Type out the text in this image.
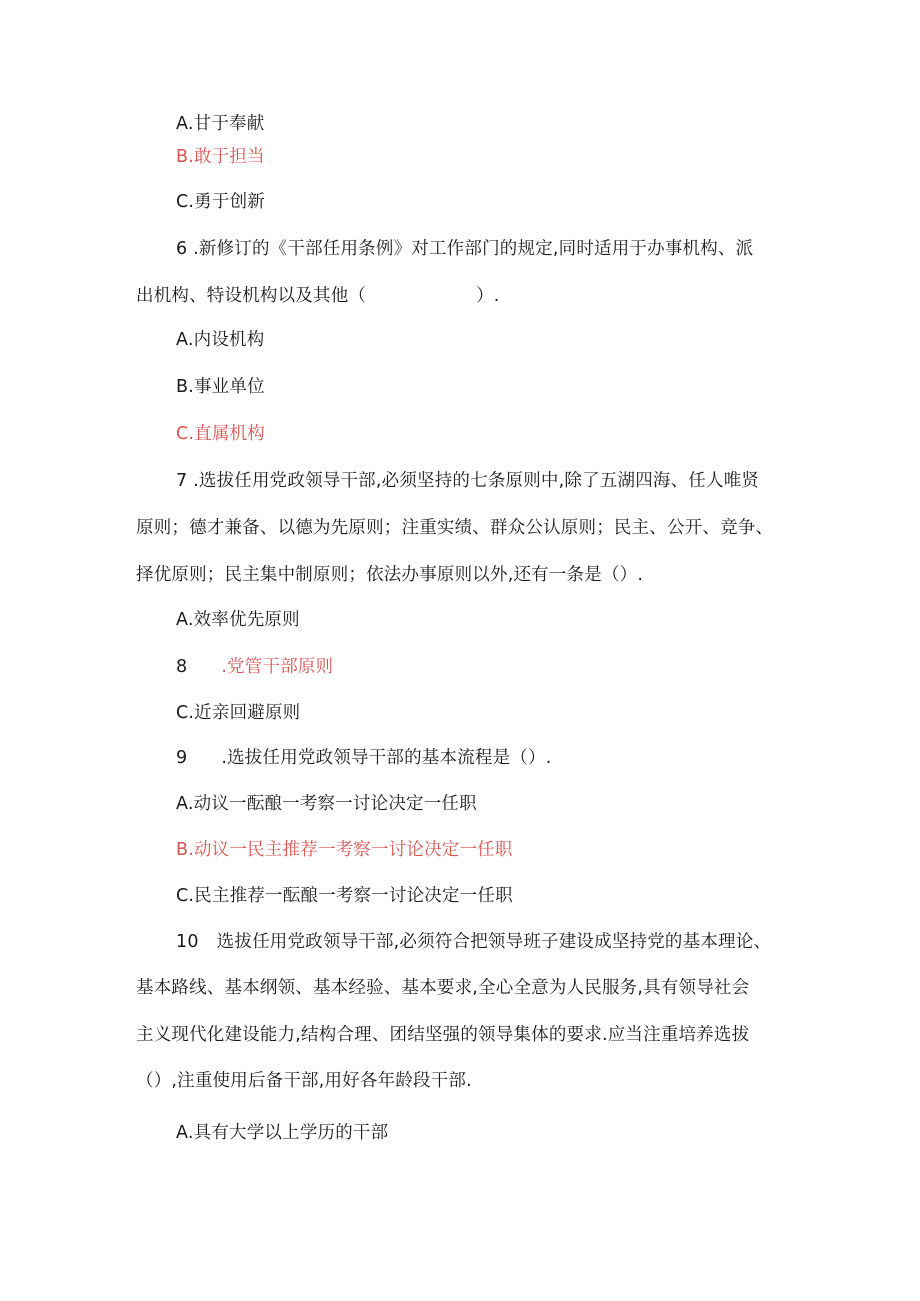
A.甘于奉献
B.敢于担当
C.勇于创新
6 .新修订的《干部任用条例》对工作部门的规定,同时适用于办事机构、派
出机构、特设机构以及其他（	）.
A.内设机构
B.事业单位
C.直属机构
7 .选拔任用党政领导干部,必须坚持的七条原则中,除了五湖四海、任人唯贤
原则；德才兼备、以德为先原则；注重实绩、群众公认原则；民主、公开、竞争、
择优原则；民主集中制原则；依法办事原则以外,还有一条是（）.
A.效率优先原则
8 .党管干部原则
C.近亲回避原则
9 .选拔任用党政领导干部的基本流程是（）.
A.动议一酝酿一考察一讨论决定一任职
B.动议一民主推荐一考察一讨论决定一任职
C.民主推荐一酝酿一考察一讨论决定一任职
10 选拔任用党政领导干部,必须符合把领导班子建设成坚持党的基本理论、
基本路线、基本纲领、基本经验、基本要求,全心全意为人民服务,具有领导社会
主义现代化建设能力,结构合理、团结坚强的领导集体的要求.应当注重培养选拔
（）,注重使用后备干部,用好各年龄段干部.
A.具有大学以上学历的干部
